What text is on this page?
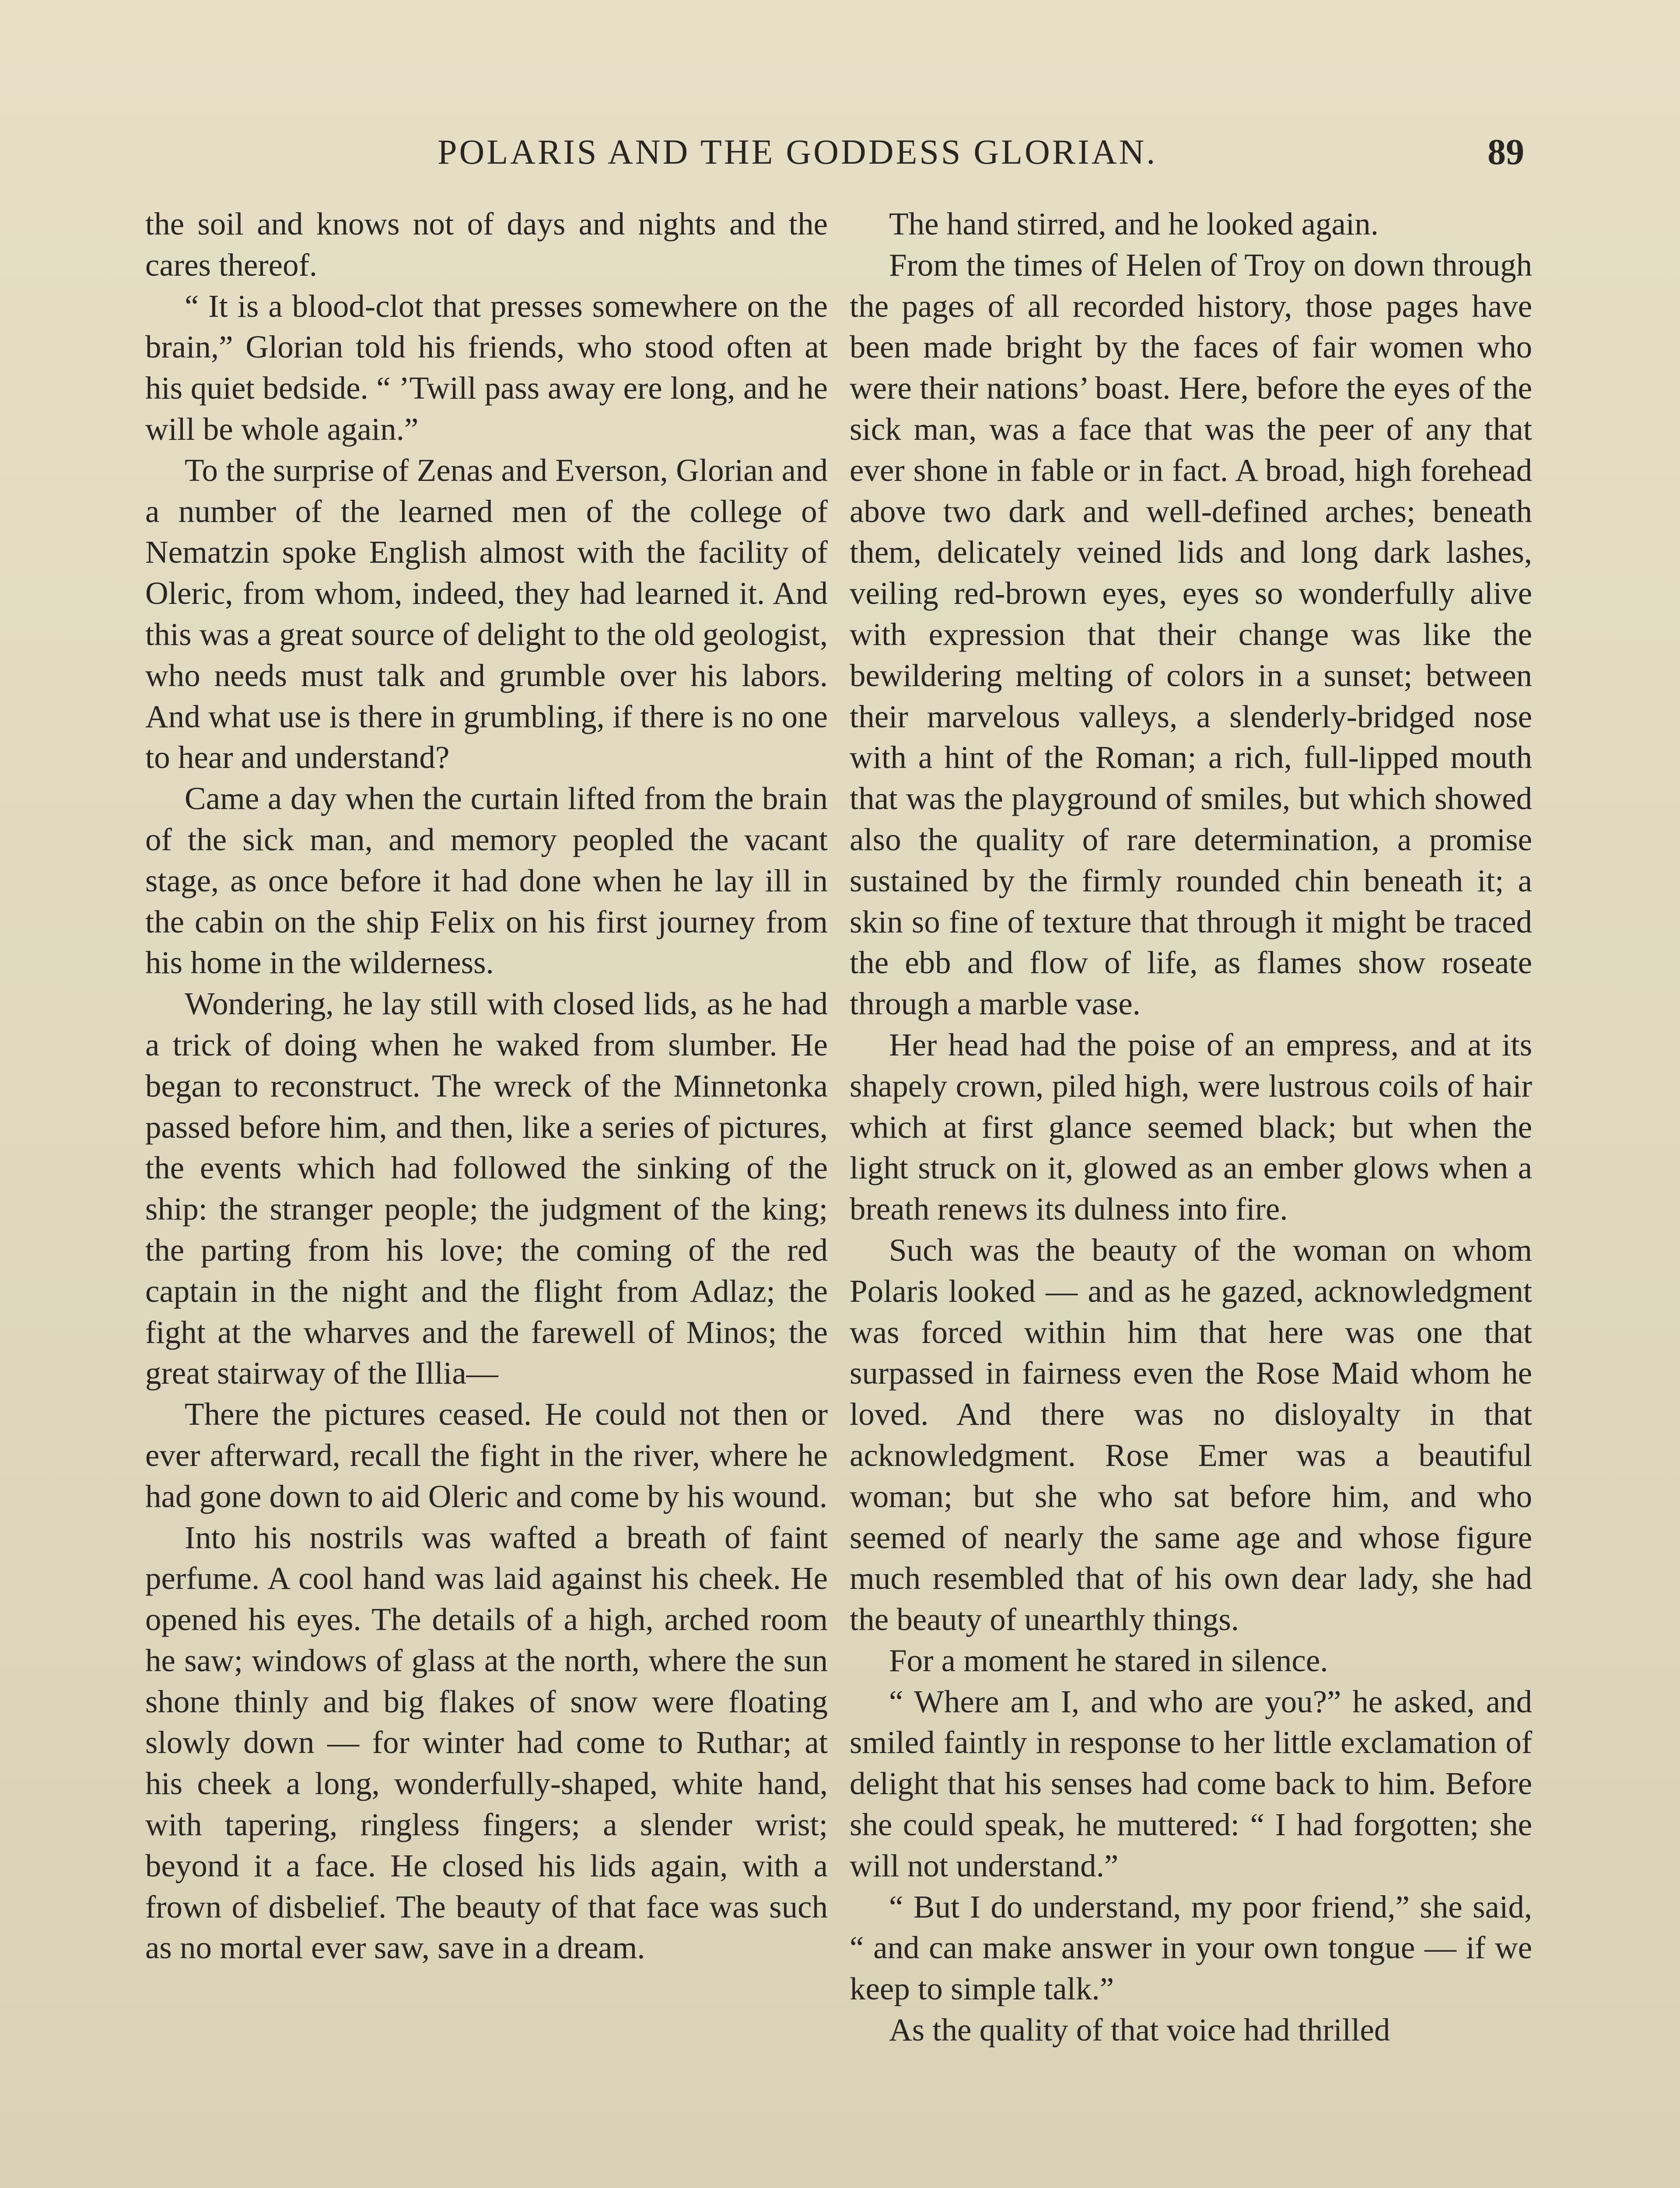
POLARIS AND THE GODDESS GLORIAN.	89

the soil and knows not of days and nights and the cares thereof.

“ It is a blood-clot that presses somewhere on the brain,” Glorian told his friends, who stood often at his quiet bedside. “ ’Twill pass away ere long, and he will be whole again.”

To the surprise of Zenas and Everson, Glorian and a number of the learned men of the college of Nematzin spoke English almost with the facility of Oleric, from whom, indeed, they had learned it. And this was a great source of delight to the old geologist, who needs must talk and grumble over his labors. And what use is there in grumbling, if there is no one to hear and understand?

Came a day when the curtain lifted from the brain of the sick man, and memory peopled the vacant stage, as once before it had done when he lay ill in the cabin on the ship Felix on his first journey from his home in the wilderness.

Wondering, he lay still with closed lids, as he had a trick of doing when he waked from slumber. He began to reconstruct. The wreck of the Minnetonka passed before him, and then, like a series of pictures, the events which had followed the sinking of the ship: the stranger people; the judgment of the king; the parting from his love; the coming of the red captain in the night and the flight from Adlaz; the fight at the wharves and the farewell of Minos; the great stairway of the Illia—

There the pictures ceased. He could not then or ever afterward, recall the fight in the river, where he had gone down to aid Oleric and come by his wound.

Into his nostrils was wafted a breath of faint perfume. A cool hand was laid against his cheek. He opened his eyes. The details of a high, arched room he saw; windows of glass at the north, where the sun shone thinly and big flakes of snow were floating slowly down — for winter had come to Ruthar; at his cheek a long, wonderfully-shaped, white hand, with tapering, ringless fingers; a slender wrist; beyond it a face. He closed his lids again, with a frown of disbelief. The beauty of that face was such as no mortal ever saw, save in a dream.

The hand stirred, and he looked again.

From the times of Helen of Troy on down through the pages of all recorded history, those pages have been made bright by the faces of fair women who were their nations’ boast. Here, before the eyes of the sick man, was a face that was the peer of any that ever shone in fable or in fact. A broad, high forehead above two dark and well-defined arches; beneath them, delicately veined lids and long dark lashes, veiling red-brown eyes, eyes so wonderfully alive with expression that their change was like the bewildering melting of colors in a sunset; between their marvelous valleys, a slenderly-bridged nose with a hint of the Roman; a rich, full-lipped mouth that was the playground of smiles, but which showed also the quality of rare determination, a promise sustained by the firmly rounded chin beneath it; a skin so fine of texture that through it might be traced the ebb and flow of life, as flames show roseate through a marble vase.

Her head had the poise of an empress, and at its shapely crown, piled high, were lustrous coils of hair which at first glance seemed black; but when the light struck on it, glowed as an ember glows when a breath renews its dulness into fire.

Such was the beauty of the woman on whom Polaris looked — and as he gazed, acknowledgment was forced within him that here was one that surpassed in fairness even the Rose Maid whom he loved. And there was no disloyalty in that acknowledgment. Rose Emer was a beautiful woman; but she who sat before him, and who seemed of nearly the same age and whose figure much resembled that of his own dear lady, she had the beauty of unearthly things.

For a moment he stared in silence.

“ Where am I, and who are you?” he asked, and smiled faintly in response to her little exclamation of delight that his senses had come back to him. Before she could speak, he muttered: “ I had forgotten; she will not understand.”

“ But I do understand, my poor friend,” she said, “ and can make answer in your own tongue — if we keep to simple talk.”

As the quality of that voice had thrilled
